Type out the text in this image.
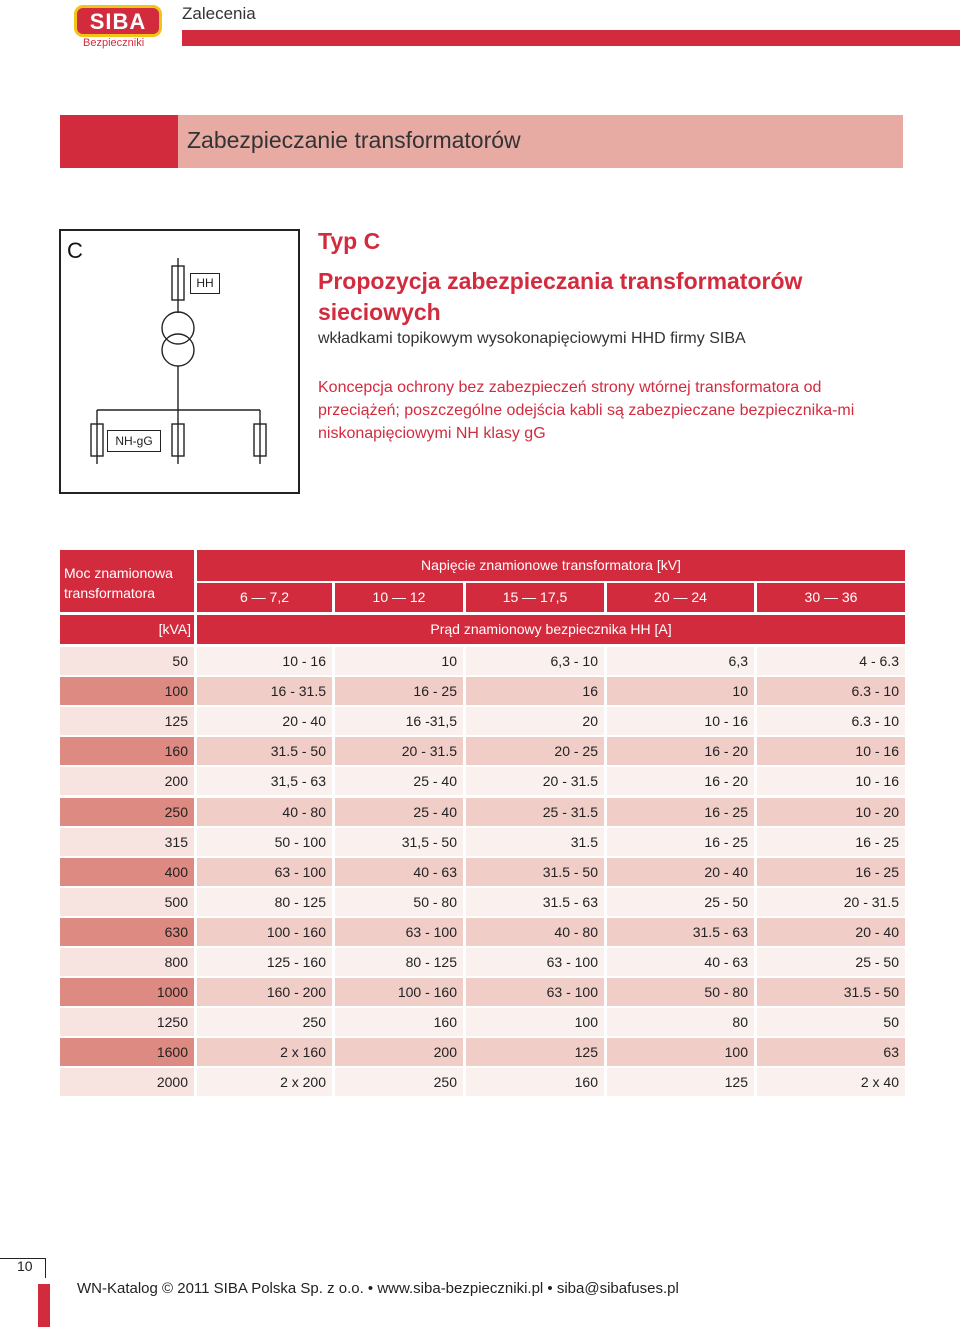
SIBA
Bezpieczniki
Zalecenia
Zabezpieczanie transformatorów
C
HH
NH-gG
Typ C
Propozycja zabezpieczania transformatorów sieciowych
wkładkami topikowym wysokonapięciowymi HHD firmy SIBA
Koncepcja ochrony bez zabezpieczeń strony wtórnej transformatora od przeciążeń; poszczególne odejścia kabli są zabezpieczane bezpiecznika-mi niskonapięciowymi NH klasy gG
Moc znamionowa
transformatora
Napięcie znamionowe transformatora [kV]
6 — 7,2	10 — 12	15 — 17,5	20 — 24	30 — 36
[kVA]	Prąd znamionowy bezpiecznika HH [A]
50	10 - 16	10	6,3 - 10	6,3	4 - 6.3
100	16 - 31.5	16 - 25	16	10	6.3 - 10
125	20 - 40	16 -31,5	20	10 - 16	6.3 - 10
160	31.5 - 50	20 - 31.5	20 - 25	16 - 20	10 - 16
200	31,5 - 63	25 - 40	20 - 31.5	16 - 20	10 - 16
250	40 - 80	25 - 40	25 - 31.5	16 - 25	10 - 20
315	50 - 100	31,5 - 50	31.5	16 - 25	16 - 25
400	63 - 100	40 - 63	31.5 - 50	20 - 40	16 - 25
500	80 - 125	50 - 80	31.5 - 63	25 - 50	20 - 31.5
630	100 - 160	63 - 100	40 - 80	31.5 - 63	20 - 40
800	125 - 160	80 - 125	63 - 100	40 - 63	25 - 50
1000	160 - 200	100 - 160	63 - 100	50 - 80	31.5 - 50
1250	250	160	100	80	50
1600	2 x 160	200	125	100	63
2000	2 x 200	250	160	125	2 x 40
10
WN-Katalog © 2011 SIBA Polska Sp. z o.o. • www.siba-bezpieczniki.pl • siba@sibafuses.pl
